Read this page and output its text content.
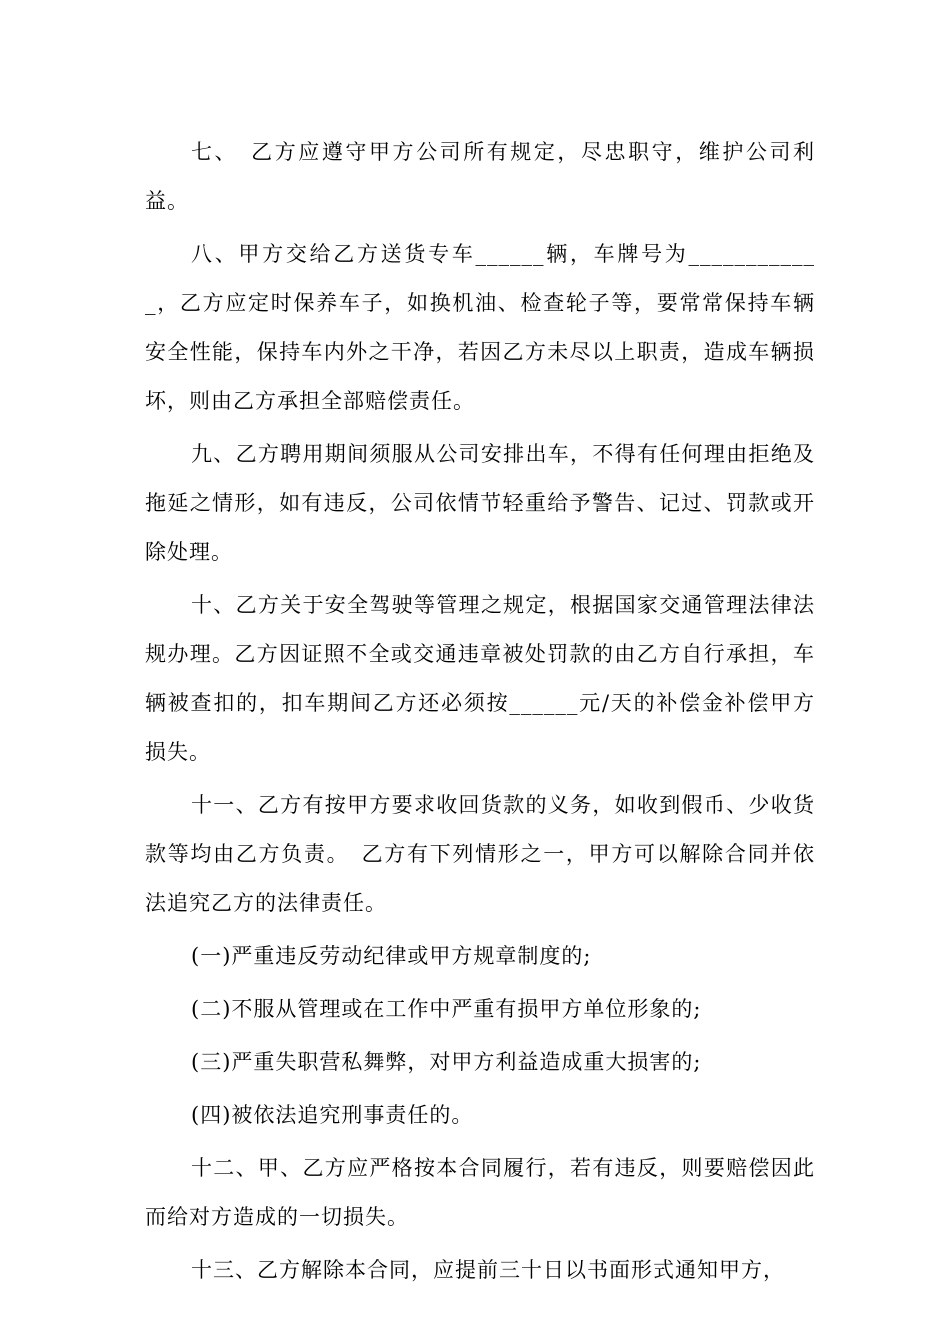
七、　乙方应遵守甲方公司所有规定，尽忠职守，维护公司利益。

八、甲方交给乙方送货专车______辆，车牌号为____________，乙方应定时保养车子，如换机油、检查轮子等，要常常保持车辆安全性能，保持车内外之干净，若因乙方未尽以上职责，造成车辆损坏，则由乙方承担全部赔偿责任。

九、乙方聘用期间须服从公司安排出车，不得有任何理由拒绝及拖延之情形，如有违反，公司依情节轻重给予警告、记过、罚款或开除处理。

十、乙方关于安全驾驶等管理之规定，根据国家交通管理法律法规办理。乙方因证照不全或交通违章被处罚款的由乙方自行承担，车辆被查扣的，扣车期间乙方还必须按______元/天的补偿金补偿甲方损失。

十一、乙方有按甲方要求收回货款的义务，如收到假币、少收货款等均由乙方负责。　乙方有下列情形之一，甲方可以解除合同并依法追究乙方的法律责任。

(一)严重违反劳动纪律或甲方规章制度的;

(二)不服从管理或在工作中严重有损甲方单位形象的;

(三)严重失职营私舞弊，对甲方利益造成重大损害的;

(四)被依法追究刑事责任的。

十二、甲、乙方应严格按本合同履行，若有违反，则要赔偿因此而给对方造成的一切损失。

十三、乙方解除本合同，应提前三十日以书面形式通知甲方，
